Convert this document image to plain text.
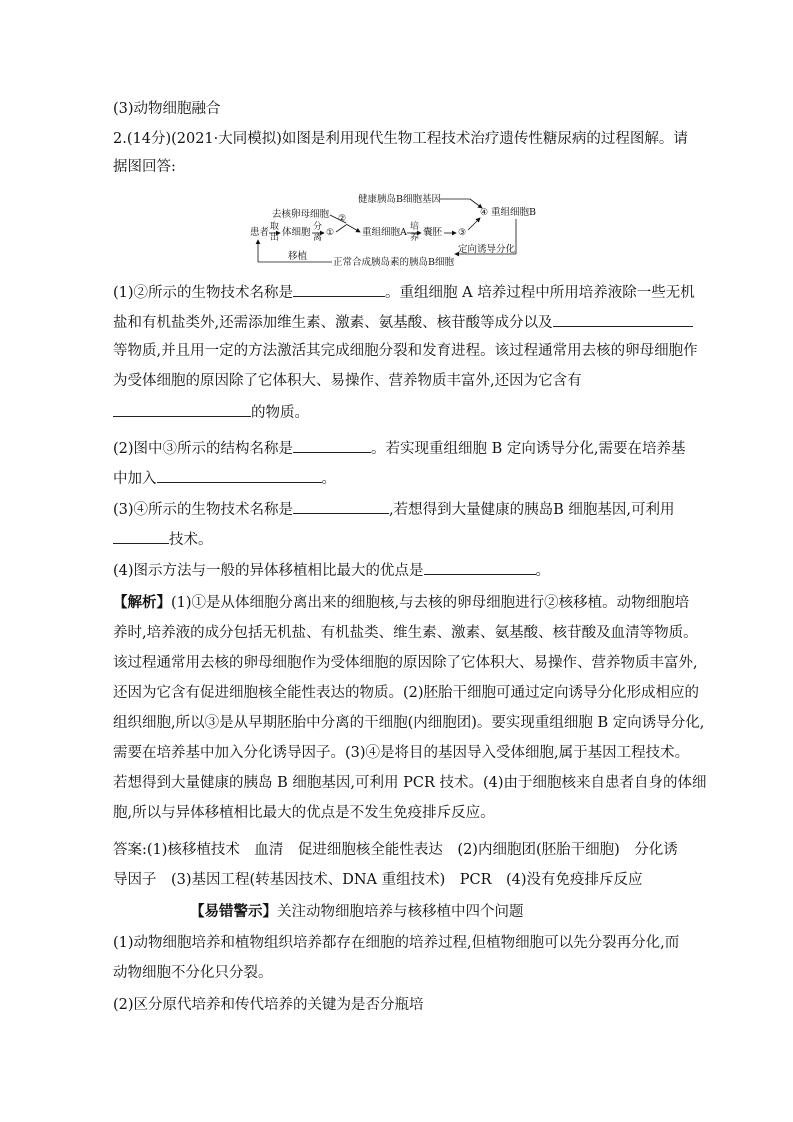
(3)动物细胞融合
2.(14分)(2021·大同模拟)如图是利用现代生物工程技术治疗遗传性糖尿病的过程图解。请
据图回答:
健康胰岛B细胞基因
去核卵母细胞 ②
④ 重组细胞B
患者 取
出 体细胞 分
离 ①	重组细胞A 培
养 囊胚 ③
定向诱导分化
正常合成胰岛素的胰岛B细胞
移植
(1)②所示的生物技术名称是	。重组细胞 A 培养过程中所用培养液除一些无机
盐和有机盐类外,还需添加维生素、激素、氨基酸、核苷酸等成分以及
等物质,并且用一定的方法激活其完成细胞分裂和发育进程。该过程通常用去核的卵母细胞作
为受体细胞的原因除了它体积大、易操作、营养物质丰富外,还因为它含有
的物质。
(2)图中③所示的结构名称是	。若实现重组细胞 B 定向诱导分化,需要在培养基
中加入	。
(3)④所示的生物技术名称是	,若想得到大量健康的胰岛B 细胞基因,可利用
技术。
(4)图示方法与一般的异体移植相比最大的优点是	。
【解析】(1)①是从体细胞分离出来的细胞核,与去核的卵母细胞进行②核移植。动物细胞培
养时,培养液的成分包括无机盐、有机盐类、维生素、激素、氨基酸、核苷酸及血清等物质。
该过程通常用去核的卵母细胞作为受体细胞的原因除了它体积大、易操作、营养物质丰富外,
还因为它含有促进细胞核全能性表达的物质。(2)胚胎干细胞可通过定向诱导分化形成相应的
组织细胞,所以③是从早期胚胎中分离的干细胞(内细胞团)。要实现重组细胞 B 定向诱导分化,
需要在培养基中加入分化诱导因子。(3)④是将目的基因导入受体细胞,属于基因工程技术。
若想得到大量健康的胰岛 B 细胞基因,可利用 PCR 技术。(4)由于细胞核来自患者自身的体细
胞,所以与异体移植相比最大的优点是不发生免疫排斥反应。
答案:(1)核移植技术　血清　促进细胞核全能性表达　(2)内细胞团(胚胎干细胞)　分化诱
导因子　(3)基因工程(转基因技术、DNA 重组技术)　PCR　(4)没有免疫排斥反应
【易错警示】关注动物细胞培养与核移植中四个问题
(1)动物细胞培养和植物组织培养都存在细胞的培养过程,但植物细胞可以先分裂再分化,而
动物细胞不分化只分裂。
(2)区分原代培养和传代培养的关键为是否分瓶培
